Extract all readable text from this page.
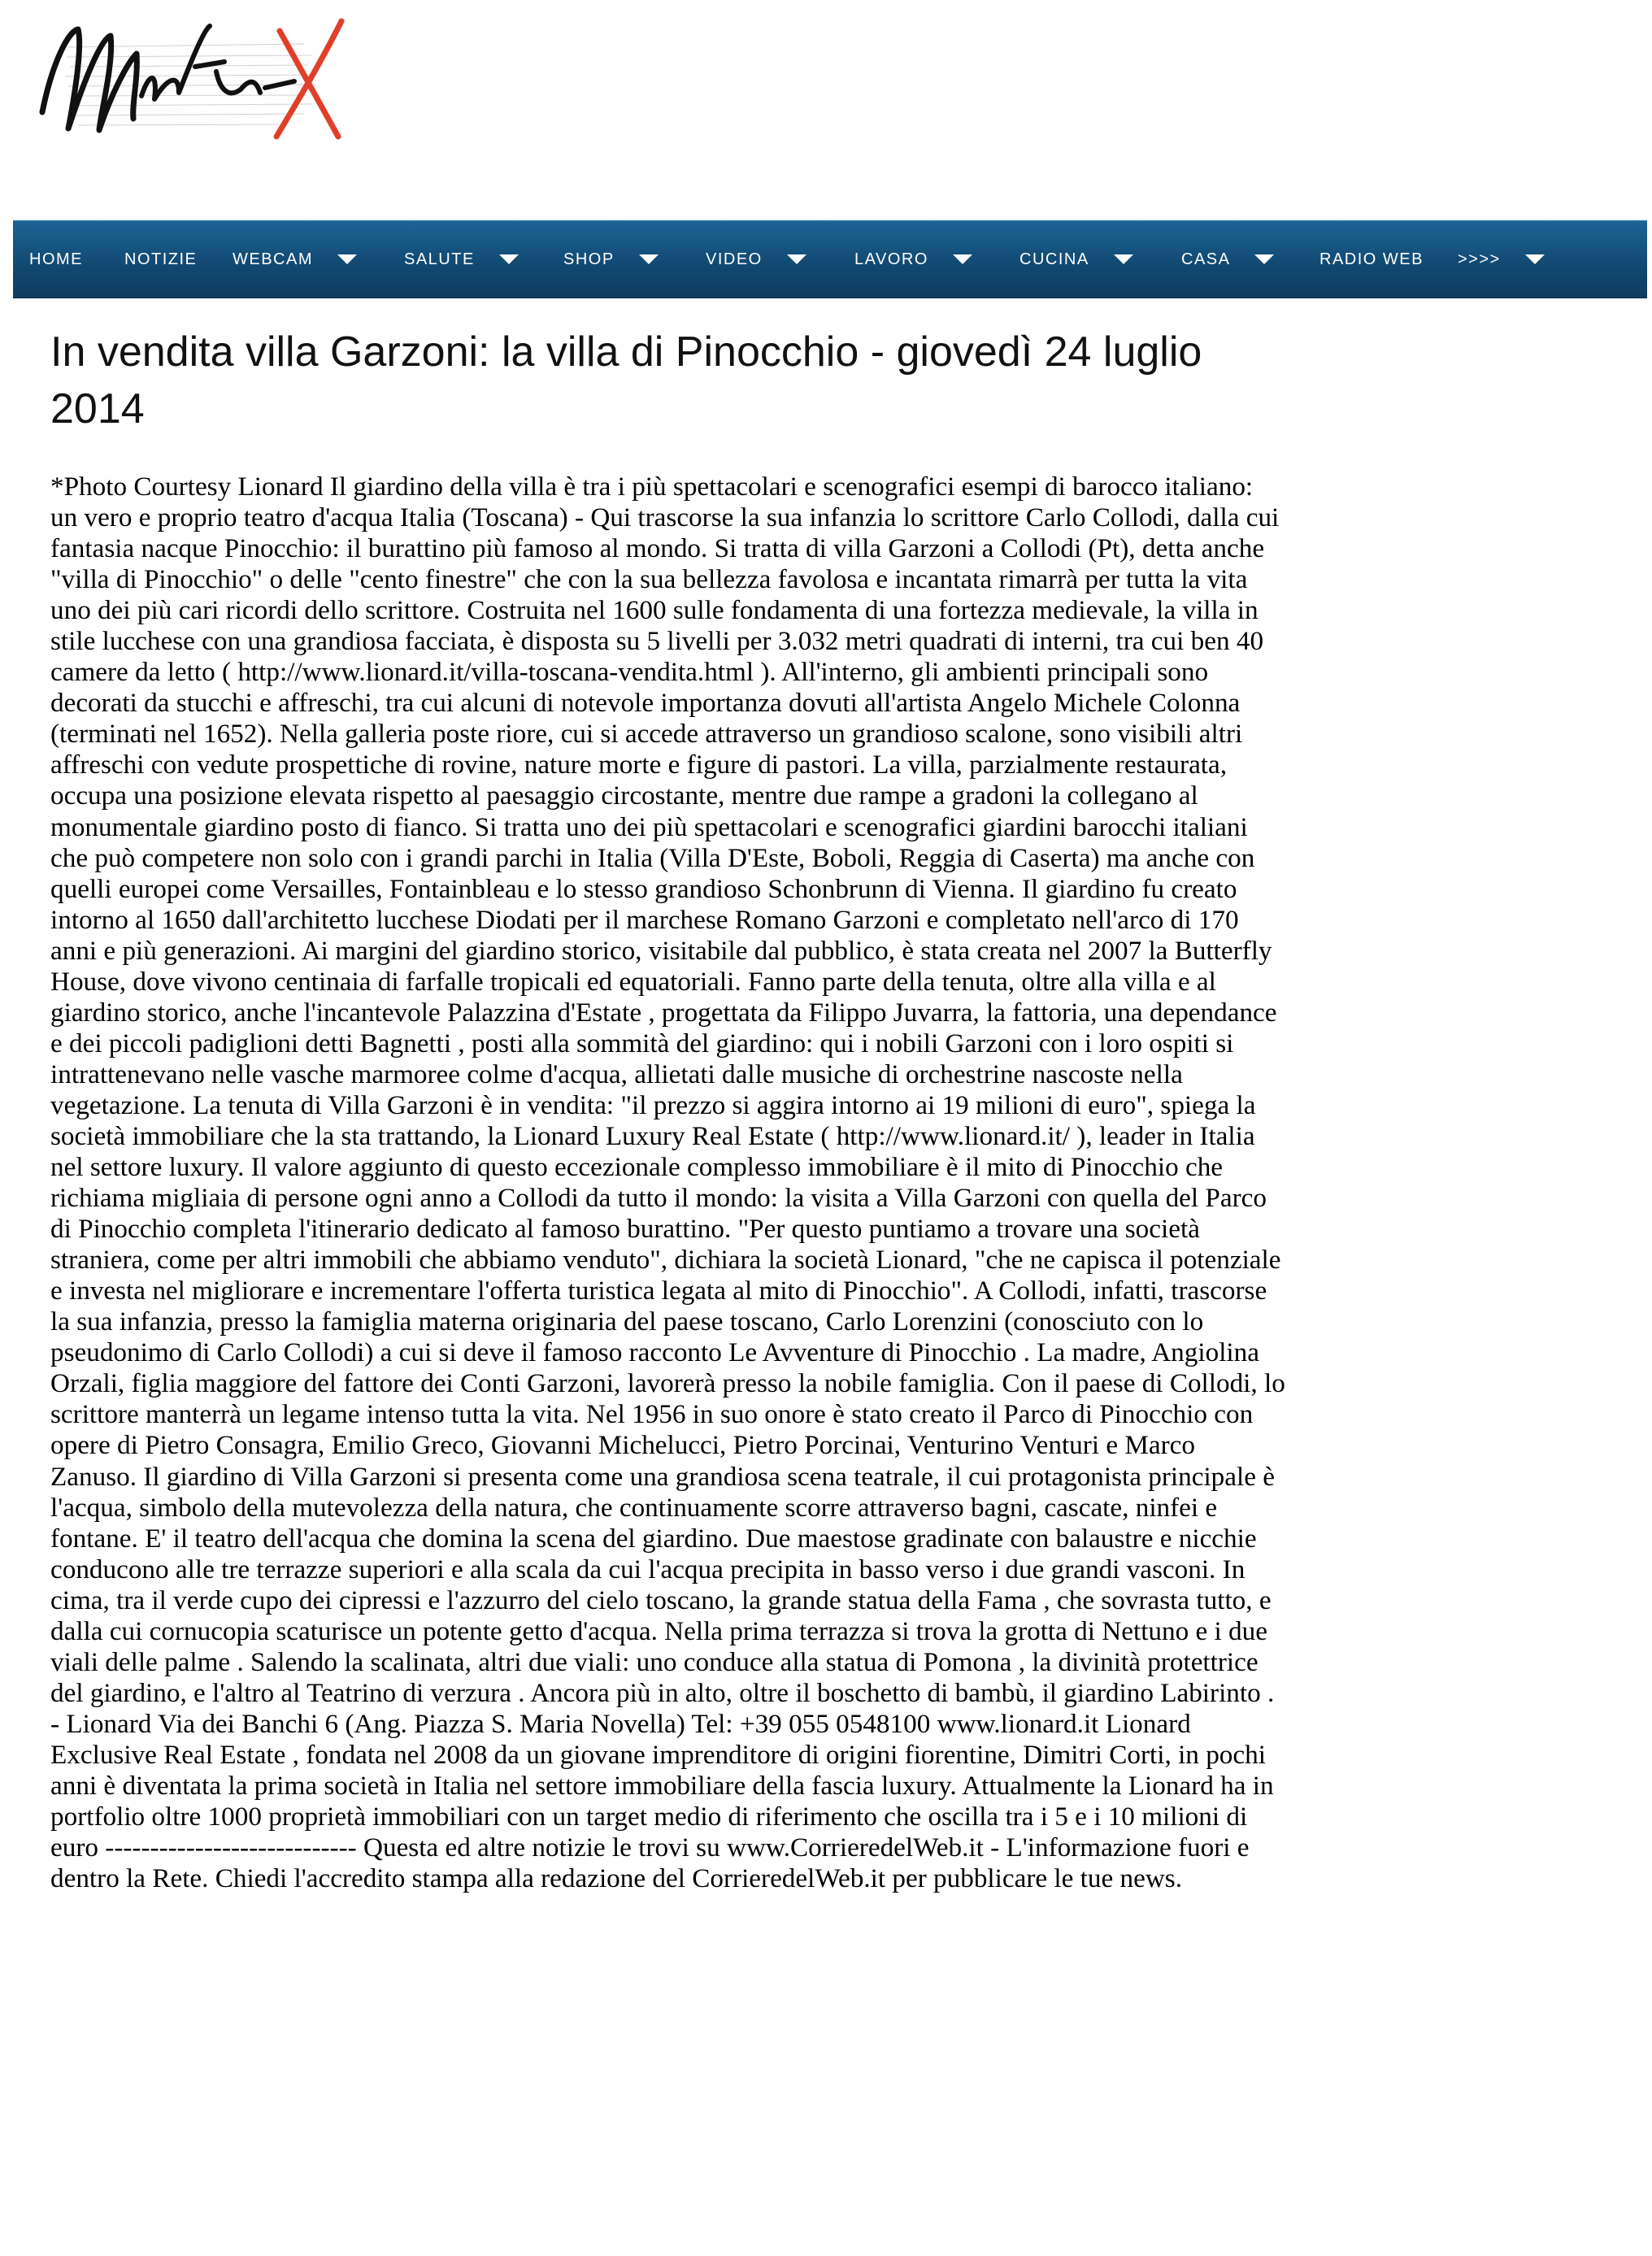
HOME	NOTIZIE WEBCAM	SALUTE	SHOP	VIDEO	LAVORO	CUCINA	CASA	RADIO WEB >>>>
In vendita villa Garzoni: la villa di Pinocchio - giovedì 24 luglio 2014

*Photo Courtesy Lionard Il giardino della villa è tra i più spettacolari e scenografici esempi di barocco italiano: un vero e proprio teatro d'acqua Italia (Toscana) - Qui trascorse la sua infanzia lo scrittore Carlo Collodi, dalla cui fantasia nacque Pinocchio: il burattino più famoso al mondo. Si tratta di villa Garzoni a Collodi (Pt), detta anche "villa di Pinocchio" o delle "cento finestre" che con la sua bellezza favolosa e incantata rimarrà per tutta la vita uno dei più cari ricordi dello scrittore. Costruita nel 1600 sulle fondamenta di una fortezza medievale, la villa in stile lucchese con una grandiosa facciata, è disposta su 5 livelli per 3.032 metri quadrati di interni, tra cui ben 40 camere da letto ( http://www.lionard.it/villa-toscana-vendita.html ). All'interno, gli ambienti principali sono decorati da stucchi e affreschi, tra cui alcuni di notevole importanza dovuti all'artista Angelo Michele Colonna (terminati nel 1652). Nella galleria poste riore, cui si accede attraverso un grandioso scalone, sono visibili altri affreschi con vedute prospettiche di rovine, nature morte e figure di pastori. La villa, parzialmente restaurata, occupa una posizione elevata rispetto al paesaggio circostante, mentre due rampe a gradoni la collegano al monumentale giardino posto di fianco. Si tratta uno dei più spettacolari e scenografici giardini barocchi italiani che può competere non solo con i grandi parchi in Italia (Villa D'Este, Boboli, Reggia di Caserta) ma anche con quelli europei come Versailles, Fontainbleau e lo stesso grandioso Schonbrunn di Vienna. Il giardino fu creato intorno al 1650 dall'architetto lucchese Diodati per il marchese Romano Garzoni e completato nell'arco di 170 anni e più generazioni. Ai margini del giardino storico, visitabile dal pubblico, è stata creata nel 2007 la Butterfly House, dove vivono centinaia di farfalle tropicali ed equatoriali. Fanno parte della tenuta, oltre alla villa e al giardino storico, anche l'incantevole Palazzina d'Estate , progettata da Filippo Juvarra, la fattoria, una dependance e dei piccoli padiglioni detti Bagnetti , posti alla sommità del giardino: qui i nobili Garzoni con i loro ospiti si intrattenevano nelle vasche marmoree colme d'acqua, allietati dalle musiche di orchestrine nascoste nella vegetazione. La tenuta di Villa Garzoni è in vendita: "il prezzo si aggira intorno ai 19 milioni di euro", spiega la società immobiliare che la sta trattando, la Lionard Luxury Real Estate ( http://www.lionard.it/ ), leader in Italia nel settore luxury. Il valore aggiunto di questo eccezionale complesso immobiliare è il mito di Pinocchio che richiama migliaia di persone ogni anno a Collodi da tutto il mondo: la visita a Villa Garzoni con quella del Parco di Pinocchio completa l'itinerario dedicato al famoso burattino. "Per questo puntiamo a trovare una società straniera, come per altri immobili che abbiamo venduto", dichiara la società Lionard, "che ne capisca il potenziale e investa nel migliorare e incrementare l'offerta turistica legata al mito di Pinocchio". A Collodi, infatti, trascorse la sua infanzia, presso la famiglia materna originaria del paese toscano, Carlo Lorenzini (conosciuto con lo pseudonimo di Carlo Collodi) a cui si deve il famoso racconto Le Avventure di Pinocchio . La madre, Angiolina Orzali, figlia maggiore del fattore dei Conti Garzoni, lavorerà presso la nobile famiglia. Con il paese di Collodi, lo scrittore manterrà un legame intenso tutta la vita. Nel 1956 in suo onore è stato creato il Parco di Pinocchio con opere di Pietro Consagra, Emilio Greco, Giovanni Michelucci, Pietro Porcinai, Venturino Venturi e Marco Zanuso. Il giardino di Villa Garzoni si presenta come una grandiosa scena teatrale, il cui protagonista principale è l'acqua, simbolo della mutevolezza della natura, che continuamente scorre attraverso bagni, cascate, ninfei e fontane. E' il teatro dell'acqua che domina la scena del giardino. Due maestose gradinate con balaustre e nicchie conducono alle tre terrazze superiori e alla scala da cui l'acqua precipita in basso verso i due grandi vasconi. In cima, tra il verde cupo dei cipressi e l'azzurro del cielo toscano, la grande statua della Fama , che sovrasta tutto, e dalla cui cornucopia scaturisce un potente getto d'acqua. Nella prima terrazza si trova la grotta di Nettuno e i due viali delle palme . Salendo la scalinata, altri due viali: uno conduce alla statua di Pomona , la divinità protettrice del giardino, e l'altro al Teatrino di verzura . Ancora più in alto, oltre il boschetto di bambù, il giardino Labirinto . - Lionard Via dei Banchi 6 (Ang. Piazza S. Maria Novella) Tel: +39 055 0548100 www.lionard.it Lionard Exclusive Real Estate , fondata nel 2008 da un giovane imprenditore di origini fiorentine, Dimitri Corti, in pochi anni è diventata la prima società in Italia nel settore immobiliare della fascia luxury. Attualmente la Lionard ha in portfolio oltre 1000 proprietà immobiliari con un target medio di riferimento che oscilla tra i 5 e i 10 milioni di euro ---------------------------- Questa ed altre notizie le trovi su www.CorrieredelWeb.it - L'informazione fuori e dentro la Rete. Chiedi l'accredito stampa alla redazione del CorrieredelWeb.it per pubblicare le tue news.
